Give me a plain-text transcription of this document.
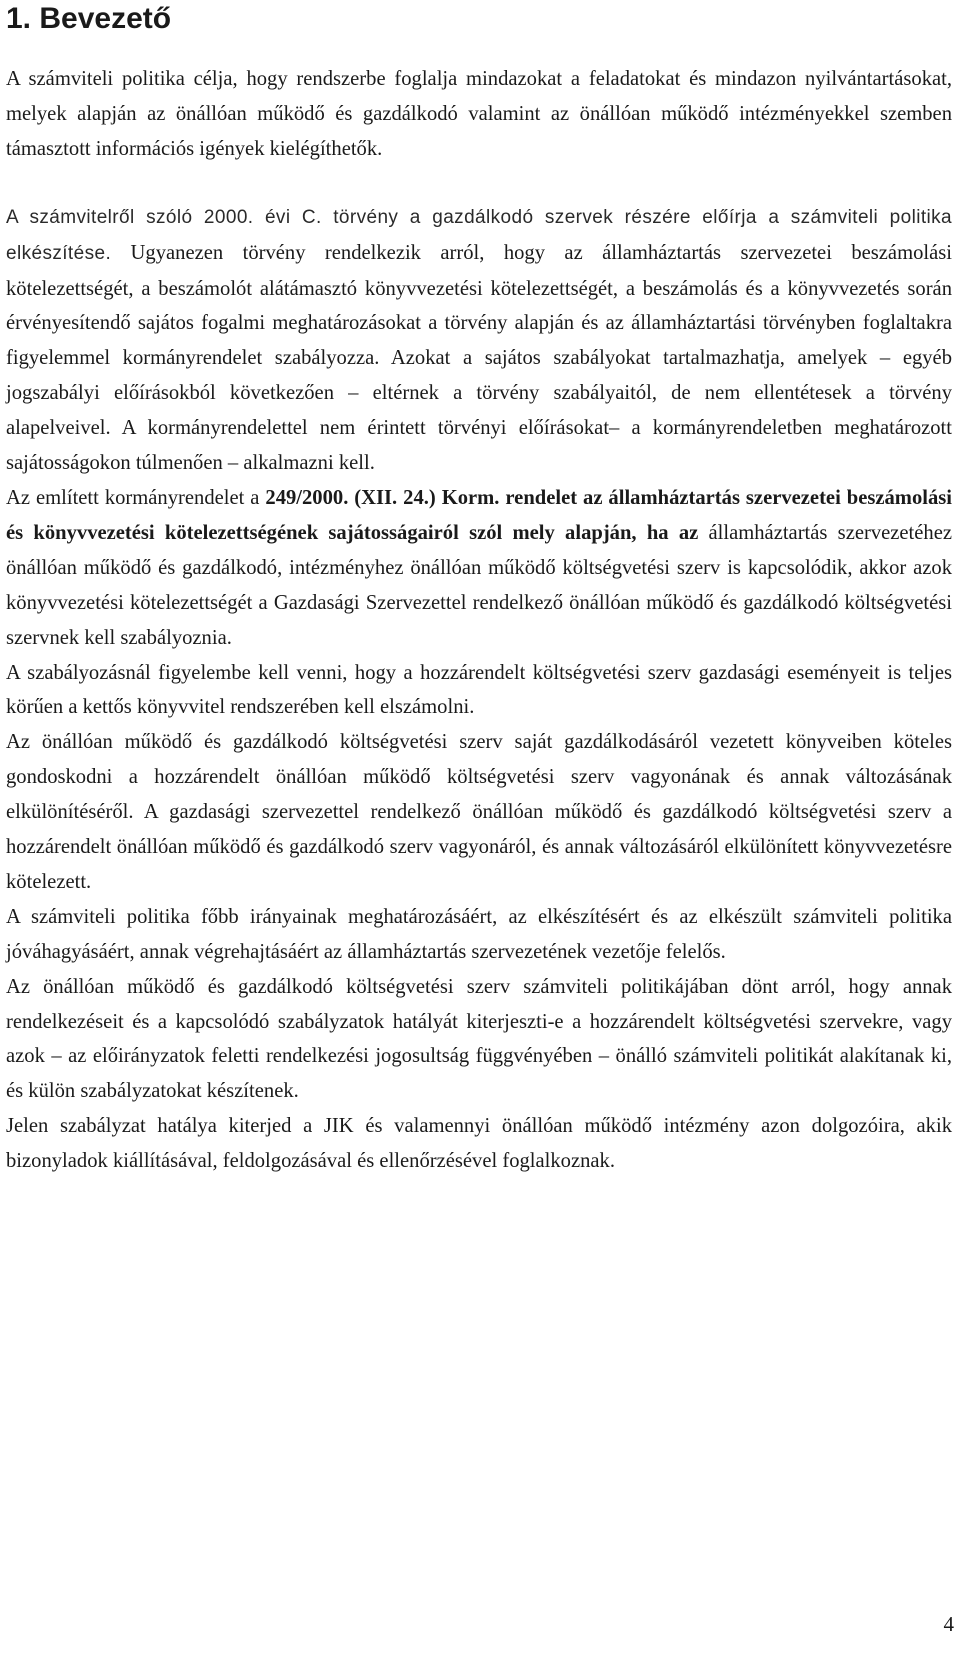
1. Bevezető

A számviteli politika célja, hogy rendszerbe foglalja mindazokat a feladatokat és mindazon nyilvántartásokat, melyek alapján az önállóan működő és gazdálkodó valamint az önállóan működő intézményekkel szemben támasztott információs igények kielégíthetők.

A számvitelről szóló 2000. évi C. törvény a gazdálkodó szervek részére előírja a számviteli politika elkészítése. Ugyanezen törvény rendelkezik arról, hogy az államháztartás szervezetei beszámolási kötelezettségét, a beszámolót alátámasztó könyvvezetési kötelezettségét, a beszámolás és a könyvvezetés során érvényesítendő sajátos fogalmi meghatározásokat a törvény alapján és az államháztartási törvényben foglaltakra figyelemmel kormányrendelet szabályozza. Azokat a sajátos szabályokat tartalmazhatja, amelyek – egyéb jogszabályi előírásokból következően – eltérnek a törvény szabályaitól, de nem ellentétesek a törvény alapelveivel. A kormányrendelettel nem érintett törvényi előírásokat– a kormányrendeletben meghatározott sajátosságokon túlmenően – alkalmazni kell.

Az említett kormányrendelet a 249/2000. (XII. 24.) Korm. rendelet az államháztartás szervezetei beszámolási és könyvvezetési kötelezettségének sajátosságairól szól mely alapján, ha az államháztartás szervezetéhez önállóan működő és gazdálkodó, intézményhez önállóan működő költségvetési szerv is kapcsolódik, akkor azok könyvvezetési kötelezettségét a Gazdasági Szervezettel rendelkező önállóan működő és gazdálkodó költségvetési szervnek kell szabályoznia.

A szabályozásnál figyelembe kell venni, hogy a hozzárendelt költségvetési szerv gazdasági eseményeit is teljes körűen a kettős könyvvitel rendszerében kell elszámolni.

Az önállóan működő és gazdálkodó költségvetési szerv saját gazdálkodásáról vezetett könyveiben köteles gondoskodni a hozzárendelt önállóan működő költségvetési szerv vagyonának és annak változásának elkülönítéséről. A gazdasági szervezettel rendelkező önállóan működő és gazdálkodó költségvetési szerv a hozzárendelt önállóan működő és gazdálkodó szerv vagyonáról, és annak változásáról elkülönített könyvvezetésre kötelezett.

A számviteli politika főbb irányainak meghatározásáért, az elkészítésért és az elkészült számviteli politika jóváhagyásáért, annak végrehajtásáért az államháztartás szervezetének vezetője felelős.

Az önállóan működő és gazdálkodó költségvetési szerv számviteli politikájában dönt arról, hogy annak rendelkezéseit és a kapcsolódó szabályzatok hatályát kiterjeszti-e a hozzárendelt költségvetési szervekre, vagy azok – az előirányzatok feletti rendelkezési jogosultság függvényében – önálló számviteli politikát alakítanak ki, és külön szabályzatokat készítenek.

Jelen szabályzat hatálya kiterjed a JIK és valamennyi önállóan működő intézmény azon dolgozóira, akik bizonyladok kiállításával, feldolgozásával és ellenőrzésével foglalkoznak.

4
